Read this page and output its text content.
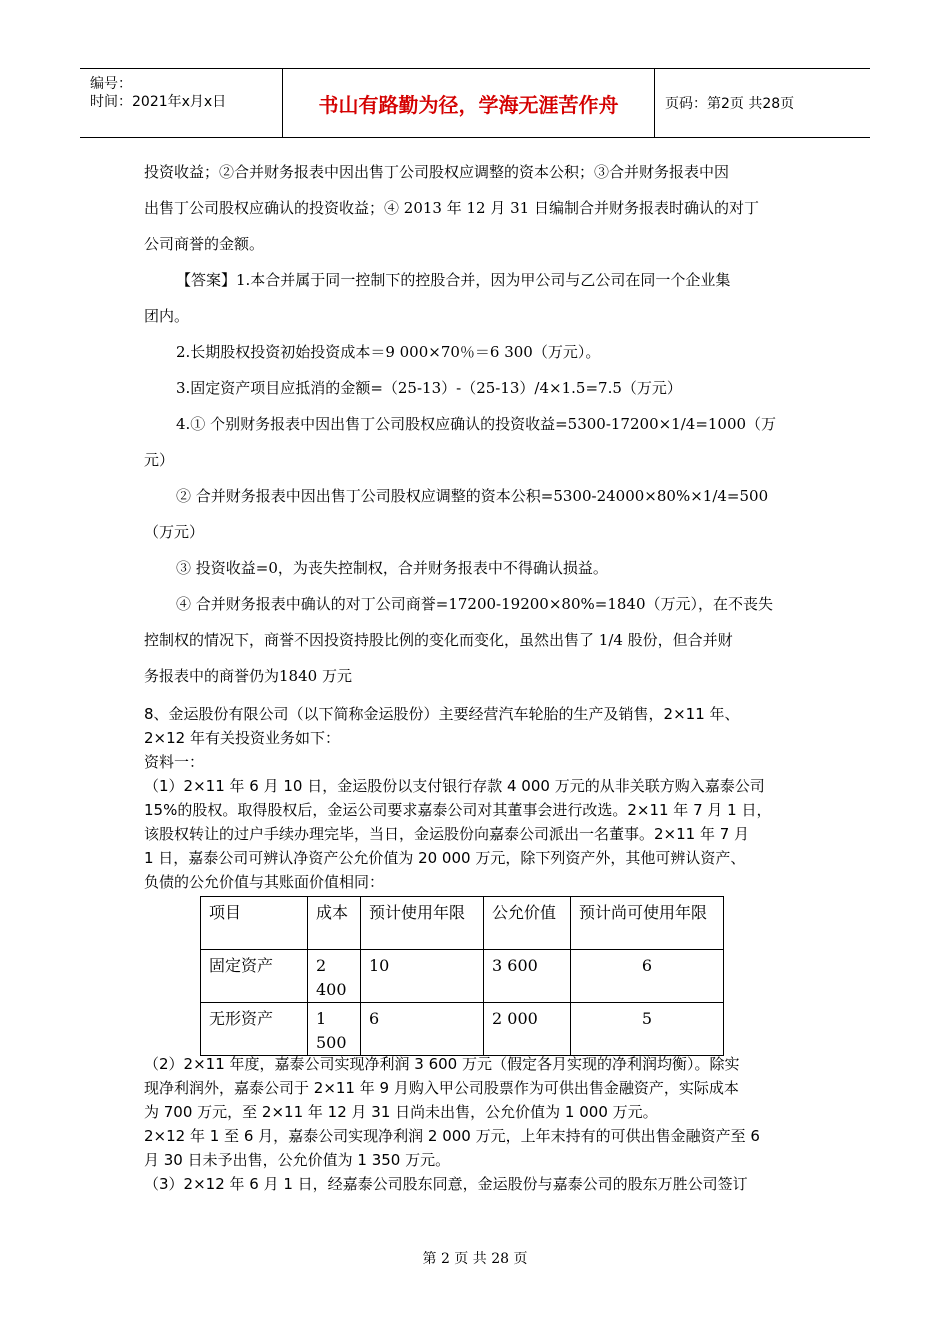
编号：
时间：2021年x月x日	书山有路勤为径，学海无涯苦作舟	页码：第2页 共28页
投资收益；②合并财务报表中因出售丁公司股权应调整的资本公积；③合并财务报表中因
出售丁公司股权应确认的投资收益；④ 2013 年 12 月 31 日编制合并财务报表时确认的对丁
公司商誉的金额。
【答案】1.本合并属于同一控制下的控股合并，因为甲公司与乙公司在同一个企业集
团内。
2.长期股权投资初始投资成本＝9 000×70％＝6 300（万元）。
3.固定资产项目应抵消的金额=（25-13）-（25-13）/4×1.5=7.5（万元）
4.① 个别财务报表中因出售丁公司股权应确认的投资收益=5300-17200×1/4=1000（万
元）
② 合并财务报表中因出售丁公司股权应调整的资本公积=5300-24000×80%×1/4=500
（万元）
③ 投资收益=0，为丧失控制权，合并财务报表中不得确认损益。
④ 合并财务报表中确认的对丁公司商誉=17200-19200×80%=1840（万元），在不丧失
控制权的情况下，商誉不因投资持股比例的变化而变化，虽然出售了 1/4 股份，但合并财
务报表中的商誉仍为1840 万元
8、金运股份有限公司（以下简称金运股份）主要经营汽车轮胎的生产及销售，2×11 年、
2×12 年有关投资业务如下：
资料一：
（1）2×11 年 6 月 10 日，金运股份以支付银行存款 4 000 万元的从非关联方购入嘉泰公司
15%的股权。取得股权后，金运公司要求嘉泰公司对其董事会进行改选。2×11 年 7 月 1 日，
该股权转让的过户手续办理完毕，当日，金运股份向嘉泰公司派出一名董事。2×11 年 7 月
1 日，嘉泰公司可辨认净资产公允价值为 20 000 万元，除下列资产外，其他可辨认资产、
负债的公允价值与其账面价值相同：
项目	成本	预计使用年限	公允价值	预计尚可使用年限
固定资产	2 400	10	3 600	6
无形资产	1 500	6	2 000	5
（2）2×11 年度，嘉泰公司实现净利润 3 600 万元（假定各月实现的净利润均衡）。除实
现净利润外，嘉泰公司于 2×11 年 9 月购入甲公司股票作为可供出售金融资产，实际成本
为 700 万元，至 2×11 年 12 月 31 日尚未出售，公允价值为 1 000 万元。
2×12 年 1 至 6 月，嘉泰公司实现净利润 2 000 万元，上年末持有的可供出售金融资产至 6
月 30 日未予出售，公允价值为 1 350 万元。
（3）2×12 年 6 月 1 日，经嘉泰公司股东同意，金运股份与嘉泰公司的股东万胜公司签订
第 2 页 共 28 页
